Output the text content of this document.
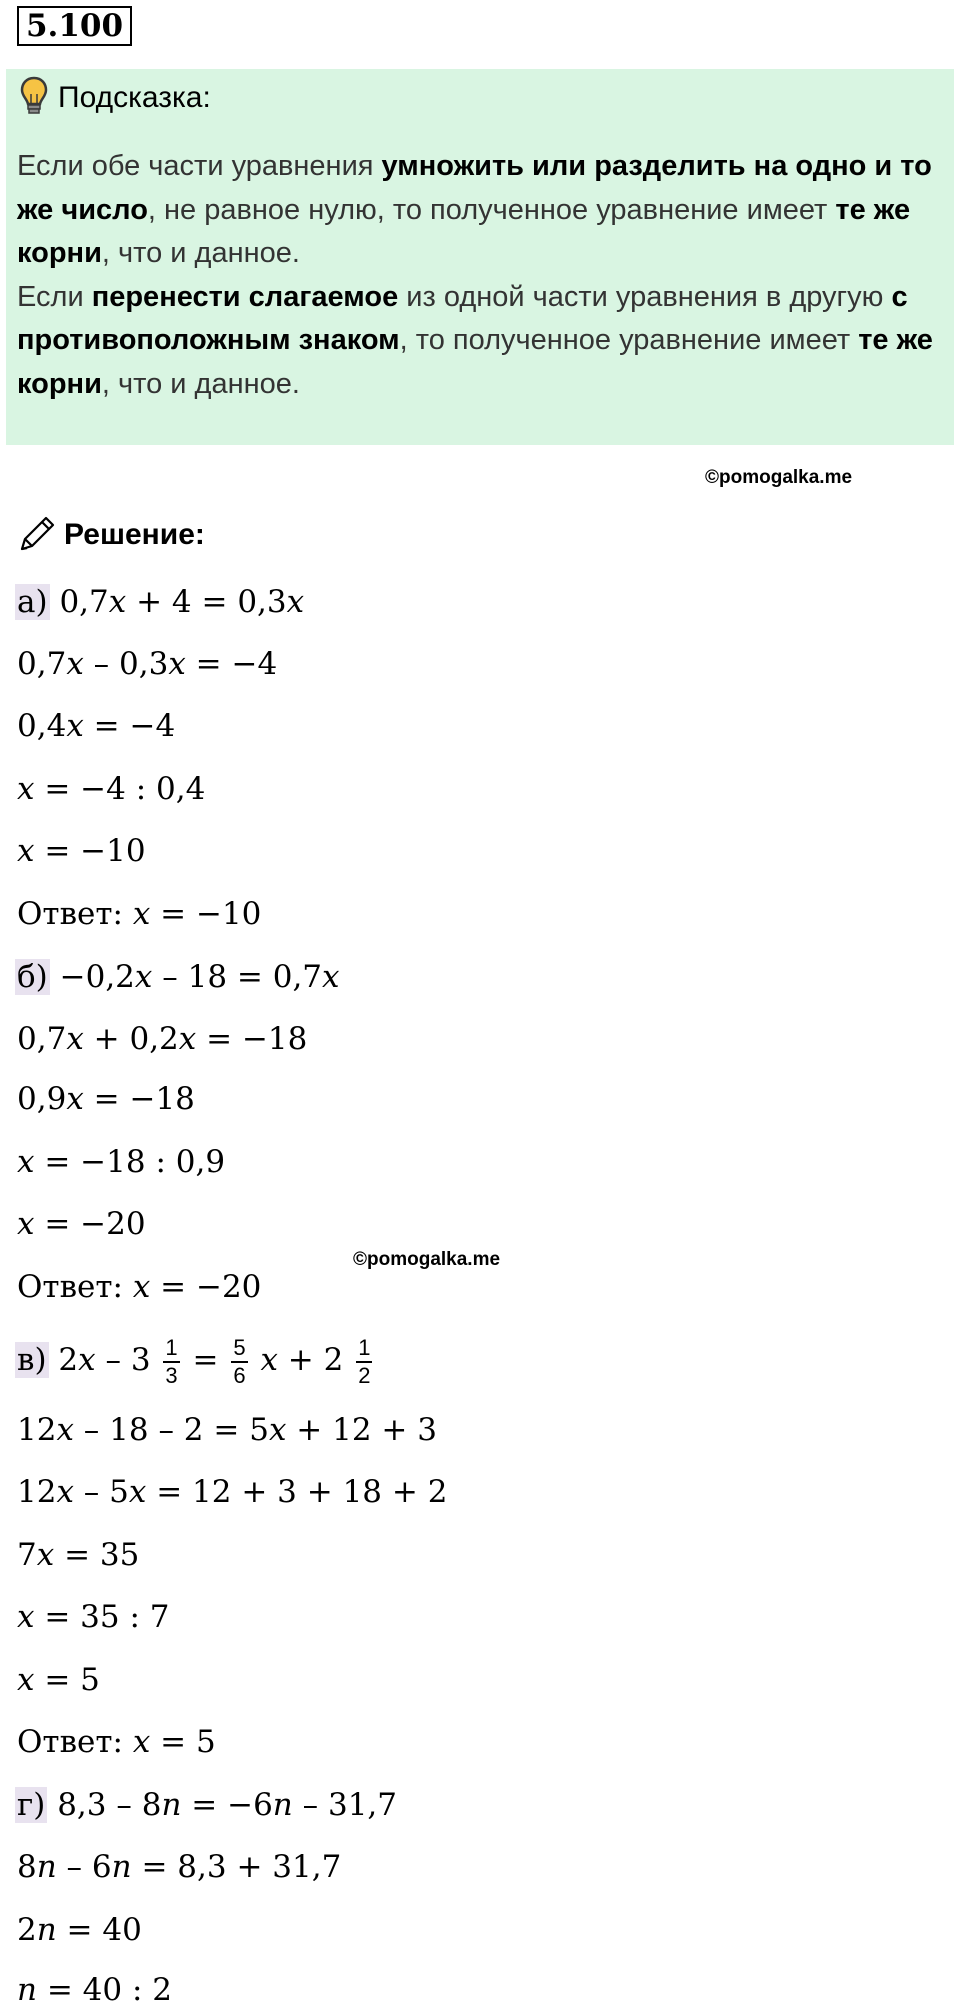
5.100
Подсказка:
Если обе части уравнения умножить или разделить на одно и то же число, не равное нулю, то полученное уравнение имеет те же корни, что и данное.
Если перенести слагаемое из одной части уравнения в другую с противоположным знаком, то полученное уравнение имеет те же корни, что и данное.
©pomogalka.me
Решение:
а) 0,7x + 4 = 0,3x
0,7x – 0,3x = −4
0,4x = −4
x = −4 : 0,4
x = −10
Ответ: x = −10
б) −0,2x – 18 = 0,7x
0,7x + 0,2x = −18
0,9x = −18
x = −18 : 0,9
x = −20
©pomogalka.me
Ответ: x = −20
в) $2x - 3 \frac{1}{3} = \frac{5}{6}$ $x + 2 \frac{1}{2}$
12x – 18 – 2 = 5x + 12 + 3
12x – 5x = 12 + 3 + 18 + 2
7x = 35
x = 35 : 7
x = 5
Ответ: x = 5
г) 8,3 – 8n = −6n – 31,7
8n – 6n = 8,3 + 31,7
2n = 40
n = 40 : 2
